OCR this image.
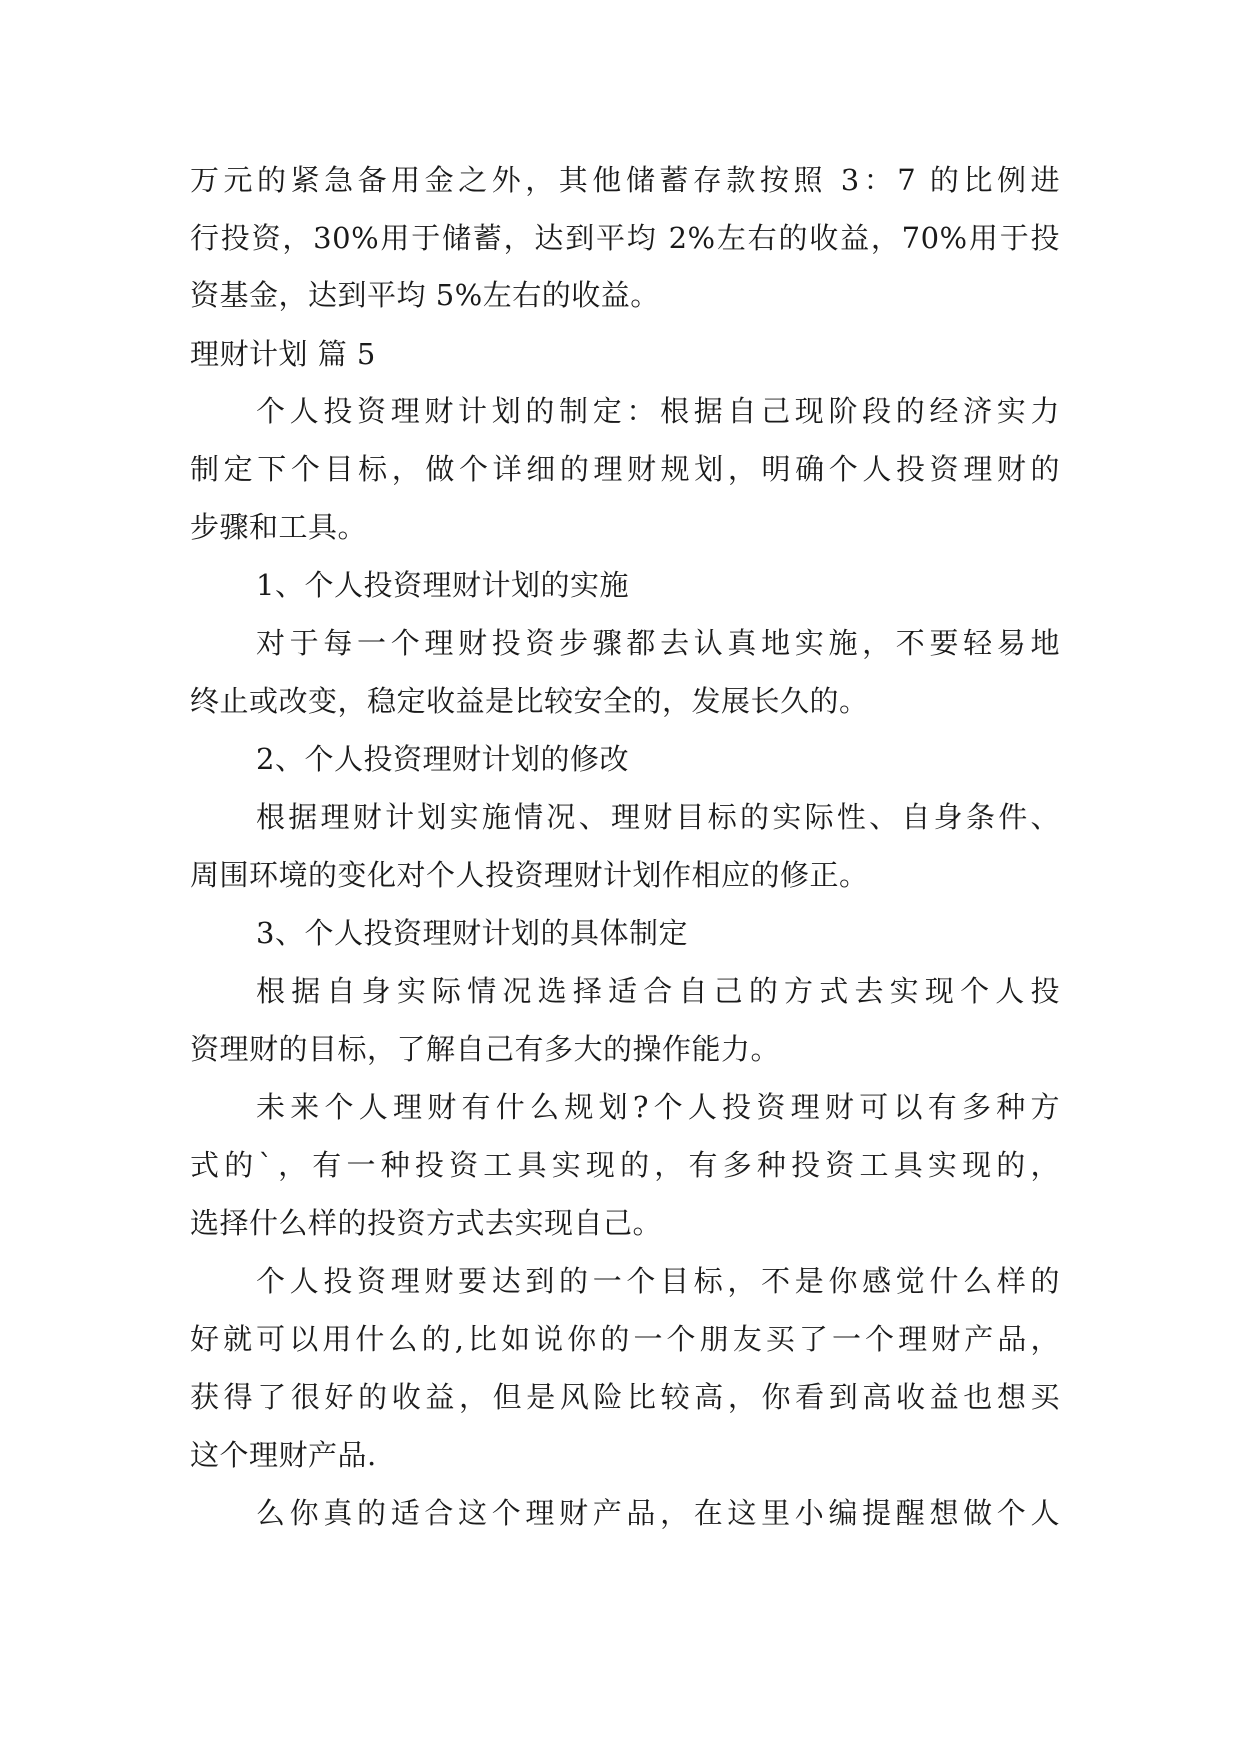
万元的紧急备用金之外，其他储蓄存款按照 3：7 的比例进
行投资，30%用于储蓄，达到平均 2%左右的收益，70%用于投
资基金，达到平均 5%左右的收益。
理财计划 篇 5
个人投资理财计划的制定：根据自己现阶段的经济实力
制定下个目标，做个详细的理财规划，明确个人投资理财的
步骤和工具。
1、个人投资理财计划的实施
对于每一个理财投资步骤都去认真地实施，不要轻易地
终止或改变，稳定收益是比较安全的，发展长久的。
2、个人投资理财计划的修改
根据理财计划实施情况、理财目标的实际性、自身条件、
周围环境的变化对个人投资理财计划作相应的修正。
3、个人投资理财计划的具体制定
根据自身实际情况选择适合自己的方式去实现个人投
资理财的目标，了解自己有多大的操作能力。
未来个人理财有什么规划?个人投资理财可以有多种方
式的`，有一种投资工具实现的，有多种投资工具实现的，
选择什么样的投资方式去实现自己。
个人投资理财要达到的一个目标，不是你感觉什么样的
好就可以用什么的,比如说你的一个朋友买了一个理财产品，
获得了很好的收益，但是风险比较高，你看到高收益也想买
这个理财产品.
么你真的适合这个理财产品，在这里小编提醒想做个人
